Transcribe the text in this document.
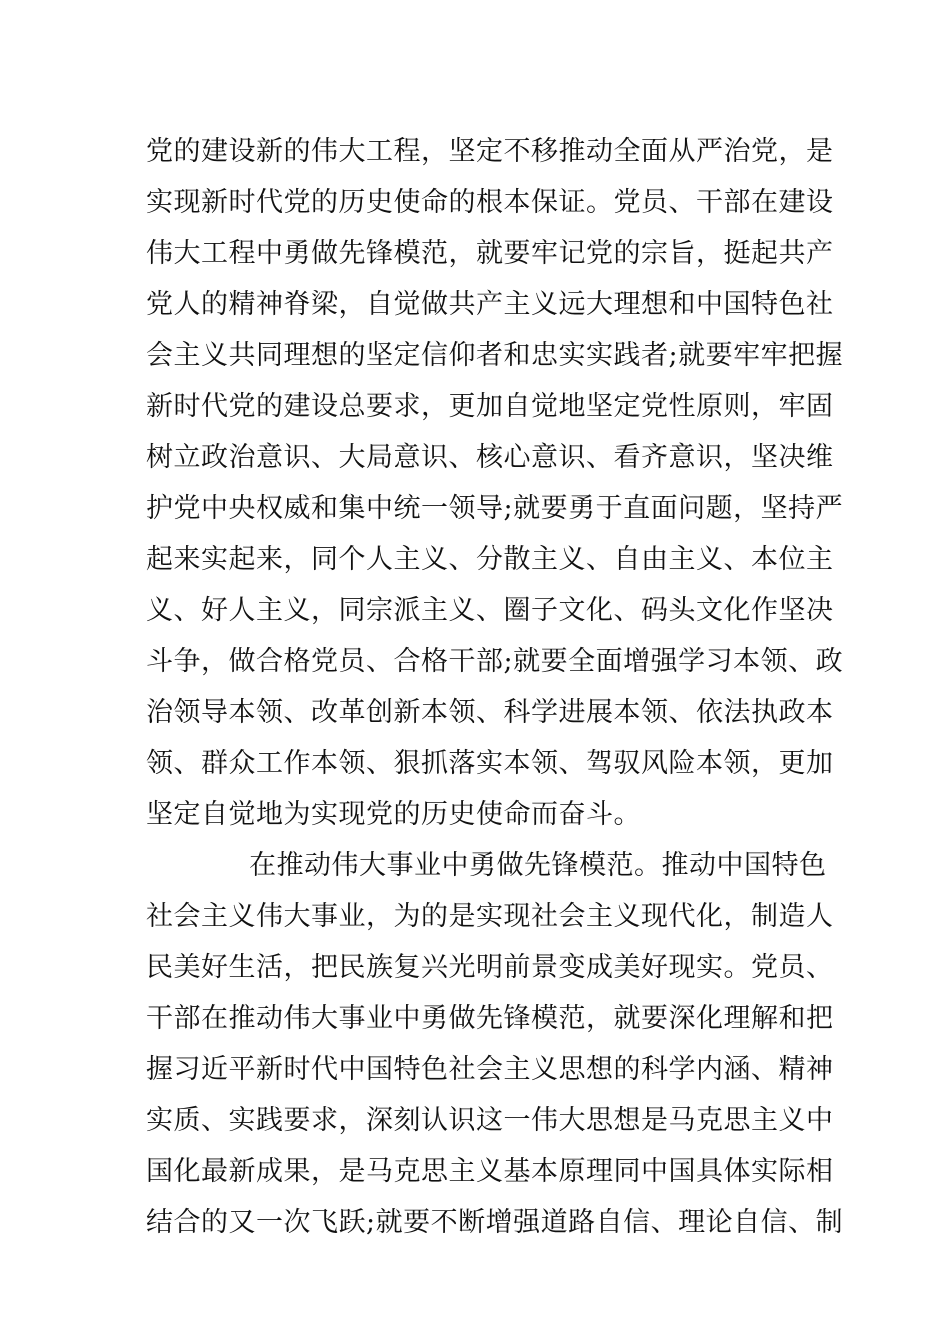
党的建设新的伟大工程，坚定不移推动全面从严治党，是
实现新时代党的历史使命的根本保证。党员、干部在建设
伟大工程中勇做先锋模范，就要牢记党的宗旨，挺起共产
党人的精神脊梁，自觉做共产主义远大理想和中国特色社
会主义共同理想的坚定信仰者和忠实实践者;就要牢牢把握
新时代党的建设总要求，更加自觉地坚定党性原则，牢固
树立政治意识、大局意识、核心意识、看齐意识，坚决维
护党中央权威和集中统一领导;就要勇于直面问题，坚持严
起来实起来，同个人主义、分散主义、自由主义、本位主
义、好人主义，同宗派主义、圈子文化、码头文化作坚决
斗争，做合格党员、合格干部;就要全面增强学习本领、政
治领导本领、改革创新本领、科学进展本领、依法执政本
领、群众工作本领、狠抓落实本领、驾驭风险本领，更加
坚定自觉地为实现党的历史使命而奋斗。
在推动伟大事业中勇做先锋模范。推动中国特色
社会主义伟大事业，为的是实现社会主义现代化，制造人
民美好生活，把民族复兴光明前景变成美好现实。党员、
干部在推动伟大事业中勇做先锋模范，就要深化理解和把
握习近平新时代中国特色社会主义思想的科学内涵、精神
实质、实践要求，深刻认识这一伟大思想是马克思主义中
国化最新成果，是马克思主义基本原理同中国具体实际相
结合的又一次飞跃;就要不断增强道路自信、理论自信、制
